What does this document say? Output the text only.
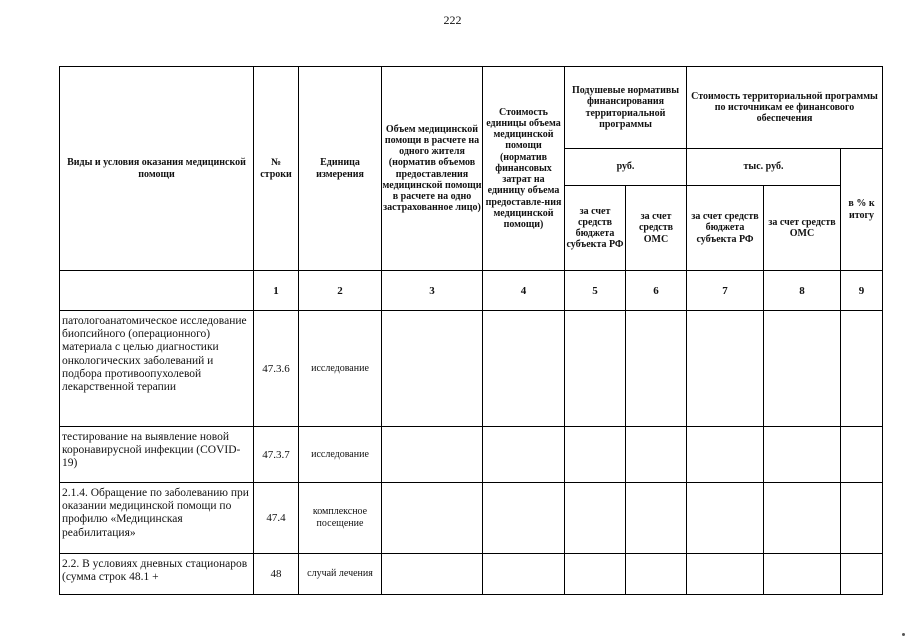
222
Виды и условия оказания медицинской помощи	№ строки	Единица измерения	Объем медицинской помощи в расчете на одного жителя (норматив объемов предоставления медицинской помощи в расчете на одно застрахованное лицо)	Стоимость единицы объема медицинской помощи (норматив финансовых затрат на единицу объема предоставле-ния медицинской помощи)	Подушевые нормативы финансирования территориальной программы		Стоимость территориальной программы по источникам ее финансового обеспечения		
					руб.		тыс. руб.		в % к итогу
					за счет средств бюджета субъекта РФ	за счет средств ОМС	за счет средств бюджета субъекта РФ	за счет средств ОМС	
	1	2	3	4	5	6	7	8	9
патологоанатомическое исследование биопсийного (операционного) материала с целью диагностики онкологических заболеваний и подбора противоопухолевой лекарственной терапии	47.3.6	исследование							
тестирование на выявление новой коронавирусной инфекции (COVID-19)	47.3.7	исследование							
2.1.4. Обращение по заболеванию при оказании медицинской помощи по профилю «Медицинская реабилитация»	47.4	комплексное посещение							
2.2. В условиях дневных стационаров (сумма строк 48.1 +	48	случай лечения							
